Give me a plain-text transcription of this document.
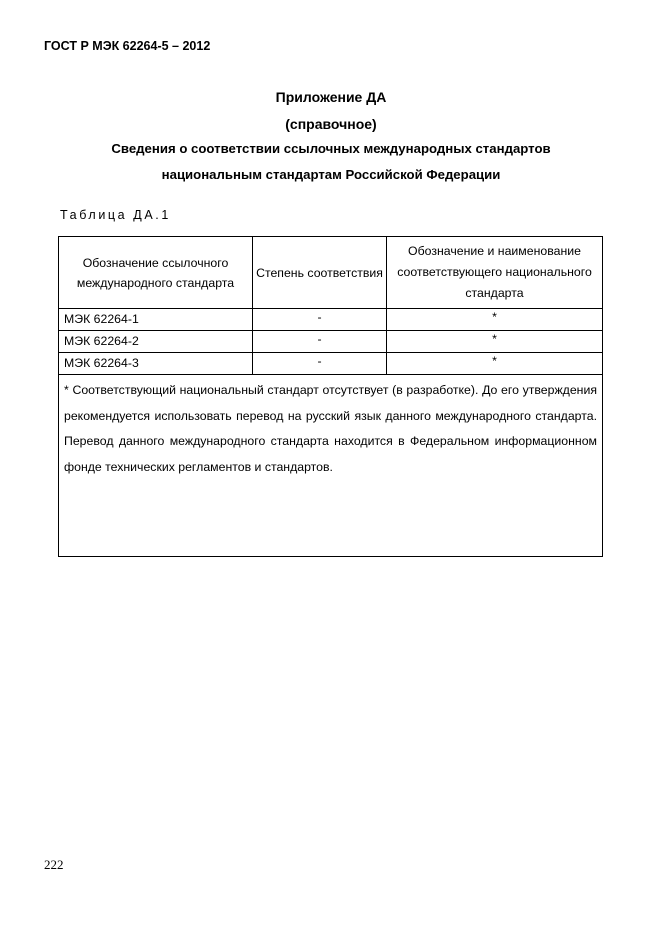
ГОСТ Р МЭК 62264-5 – 2012
Приложение ДА
(справочное)
Сведения о соответствии ссылочных международных стандартов
национальным стандартам Российской Федерации
Таблица ДА.1
Обозначение ссылочного международного стандарта	Степень соответствия	Обозначение и наименование соответствующего национального стандарта
МЭК 62264-1	-	*
МЭК 62264-2	-	*
МЭК 62264-3	-	*
* Соответствующий национальный стандарт отсутствует (в разработке). До его утверждения рекомендуется использовать перевод на русский язык данного международного стандарта. Перевод данного международного стандарта находится в Федеральном информационном фонде технических регламентов и стандартов.		
222
